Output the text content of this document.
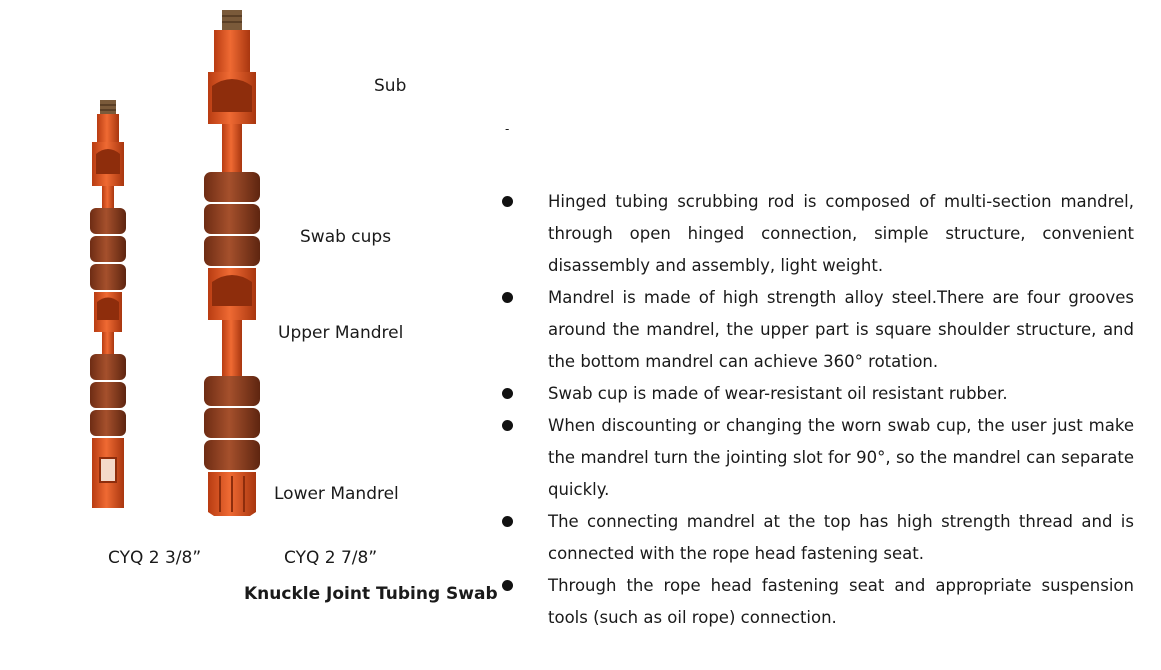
Sub
-
Swab cups
Upper Mandrel
Lower Mandrel
CYQ 2 3/8”	CYQ 2 7/8”
Knuckle Joint Tubing Swab

Hinged tubing scrubbing rod is composed of multi-section mandrel, through open hinged connection, simple structure, convenient disassembly and assembly, light weight.

Mandrel is made of high strength alloy steel.There are four grooves around the mandrel, the upper part is square shoulder structure, and the bottom mandrel can achieve 360° rotation.

Swab cup is made of wear-resistant oil resistant rubber.

When discounting or changing the worn swab cup, the user just make the mandrel turn the jointing slot for 90°, so the mandrel can separate quickly.

The connecting mandrel at the top has high strength thread and is connected with the rope head fastening seat.

Through the rope head fastening seat and appropriate suspension tools (such as oil rope) connection.
